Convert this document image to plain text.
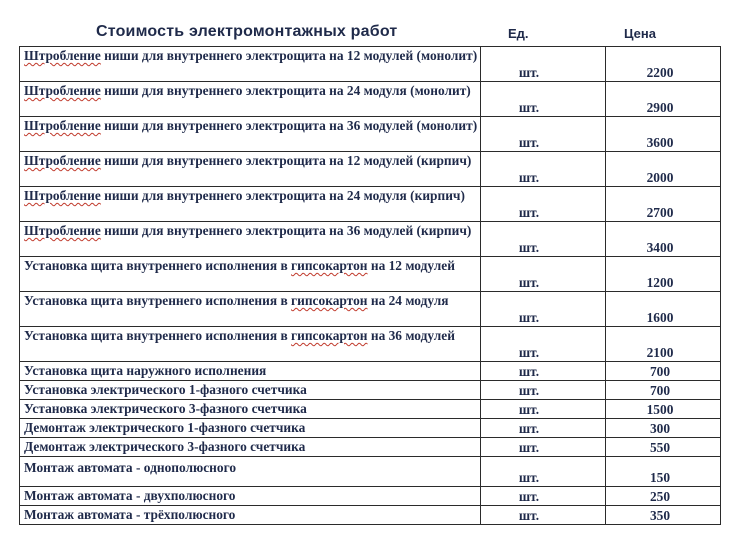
Стоимость электромонтажных работ	Ед.	Цена
Штробление ниши для внутреннего электрощита на 12 модулей (монолит)	шт.	2200
Штробление ниши для внутреннего электрощита на 24 модуля (монолит)	шт.	2900
Штробление ниши для внутреннего электрощита на 36 модулей (монолит)	шт.	3600
Штробление ниши для внутреннего электрощита на 12 модулей (кирпич)	шт.	2000
Штробление ниши для внутреннего электрощита на 24 модуля (кирпич)	шт.	2700
Штробление ниши для внутреннего электрощита на 36 модулей (кирпич)	шт.	3400
Установка щита внутреннего исполнения в гипсокартон на 12 модулей	шт.	1200
Установка щита внутреннего исполнения в гипсокартон на 24 модуля	шт.	1600
Установка щита внутреннего исполнения в гипсокартон на 36 модулей	шт.	2100
Установка щита наружного исполнения	шт.	700
Установка электрического 1-фазного счетчика	шт.	700
Установка электрического 3-фазного счетчика	шт.	1500
Демонтаж электрического 1-фазного счетчика	шт.	300
Демонтаж электрического 3-фазного счетчика	шт.	550
Монтаж автомата - однополюсного	шт.	150
Монтаж автомата - двухполюсного	шт.	250
Монтаж автомата - трёхполюсного	шт.	350
